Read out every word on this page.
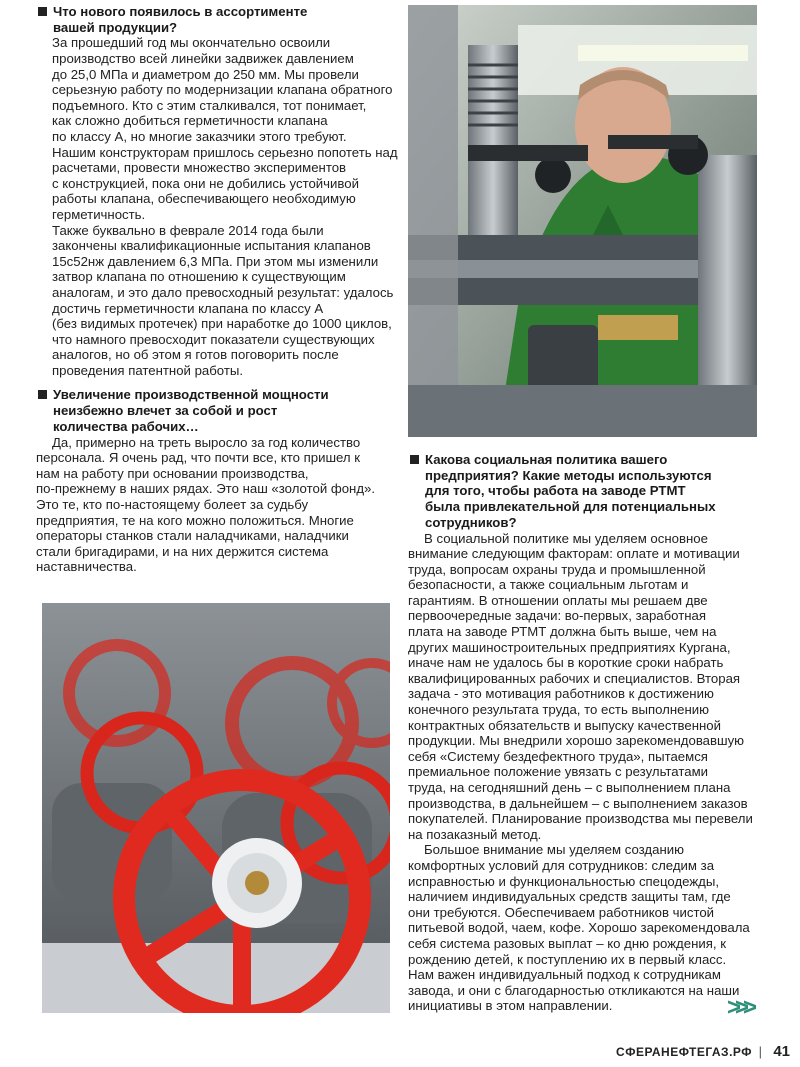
Что нового появилось в ассортименте
вашей продукции?

За прошедший год мы окончательно освоили
производство всей линейки задвижек давлением
до 25,0 МПа и диаметром до 250 мм. Мы провели
серьезную работу по модернизации клапана обратного
подъемного. Кто с этим сталкивался, тот понимает,
как сложно добиться герметичности клапана
по классу А, но многие заказчики этого требуют.
Нашим конструкторам пришлось серьезно попотеть над
расчетами, провести множество экспериментов
с конструкцией, пока они не добились устойчивой
работы клапана, обеспечивающего необходимую
герметичность.

Также буквально в феврале 2014 года были
закончены квалификационные испытания клапанов
15с52нж давлением 6,3 МПа. При этом мы изменили
затвор клапана по отношению к существующим
аналогам, и это дало превосходный результат: удалось
достичь герметичности клапана по классу А
(без видимых протечек) при наработке до 1000 циклов,
что намного превосходит показатели существующих
аналогов, но об этом я готов поговорить после
проведения патентной работы.

Увеличение производственной мощности
неизбежно влечет за собой и рост
количества рабочих…

Да, примерно на треть выросло за год количество
персонала. Я очень рад, что почти все, кто пришел к
нам на работу при основании производства,
по-прежнему в наших рядах. Это наш «золотой фонд».
Это те, кто по-настоящему болеет за судьбу
предприятия, те на кого можно положиться. Многие
операторы станков стали наладчиками, наладчики
стали бригадирами, и на них держится система
наставничества.

Какова социальная политика вашего
предприятия? Какие методы используются
для того, чтобы работа на заводе РТМТ
была привлекательной для потенциальных
сотрудников?

В социальной политике мы уделяем основное
внимание следующим факторам: оплате и мотивации
труда, вопросам охраны труда и промышленной
безопасности, а также социальным льготам и
гарантиям. В отношении оплаты мы решаем две
первоочередные задачи: во-первых, заработная
плата на заводе РТМТ должна быть выше, чем на
других машиностроительных предприятиях Кургана,
иначе нам не удалось бы в короткие сроки набрать
квалифицированных рабочих и специалистов. Вторая
задача - это мотивация работников к достижению
конечного результата труда, то есть выполнению
контрактных обязательств и выпуску качественной
продукции. Мы внедрили хорошо зарекомендовавшую
себя «Систему бездефектного труда», пытаемся
премиальное положение увязать с результатами
труда, на сегодняшний день – с выполнением плана
производства, в дальнейшем – с выполнением заказов
покупателей. Планирование производства мы перевели
на позаказный метод.

Большое внимание мы уделяем созданию
комфортных условий для сотрудников: следим за
исправностью и функциональностью спецодежды,
наличием индивидуальных средств защиты там, где
они требуются. Обеспечиваем работников чистой
питьевой водой, чаем, кофе. Хорошо зарекомендовала
себя система разовых выплат – ко дню рождения, к
рождению детей, к поступлению их в первый класс.
Нам важен индивидуальный подход к сотрудникам
завода, и они с благодарностью откликаются на наши
инициативы в этом направлении.	>>>
СФЕРАНЕФТЕГАЗ.РФ | 41
